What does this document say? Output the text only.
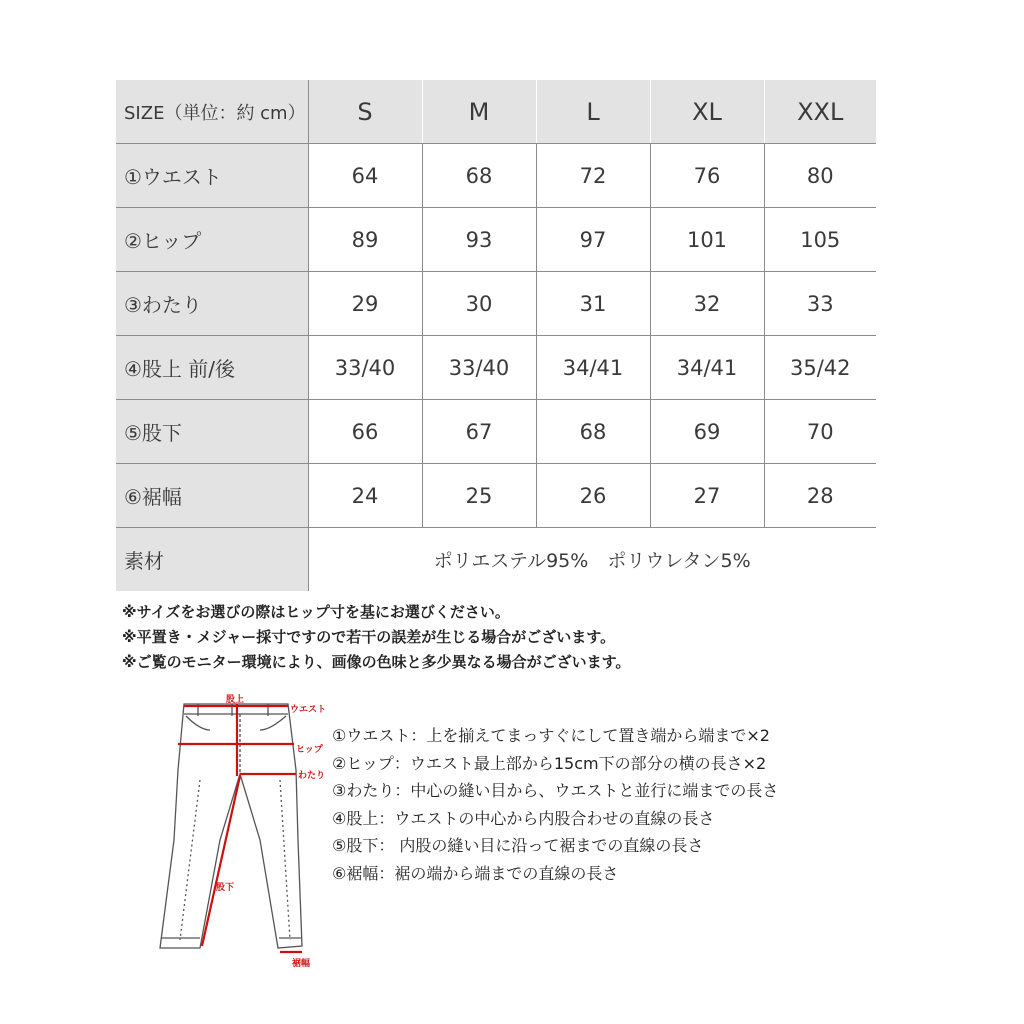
SIZE（単位：約 cm）	S	M	L	XL	XXL
①ウエスト	64	68	72	76	80
②ヒップ	89	93	97	101	105
③わたり	29	30	31	32	33
④股上 前/後	33/40	33/40	34/41	34/41	35/42
⑤股下	66	67	68	69	70
⑥裾幅	24	25	26	27	28
素材	ポリエステル95%　ポリウレタン5%				
※サイズをお選びの際はヒップ寸を基にお選びください。
※平置き・メジャー採寸ですので若干の誤差が生じる場合がございます。
※ご覧のモニター環境により、画像の色味と多少異なる場合がございます。
股上
ウエスト
ヒップ
わたり
股下
裾幅
①ウエスト：上を揃えてまっすぐにして置き端から端まで×2
②ヒップ：ウエスト最上部から15cm下の部分の横の長さ×2
③わたり：中心の縫い目から、ウエストと並行に端までの長さ
④股上：ウエストの中心から内股合わせの直線の長さ
⑤股下： 内股の縫い目に沿って裾までの直線の長さ
⑥裾幅：裾の端から端までの直線の長さ
